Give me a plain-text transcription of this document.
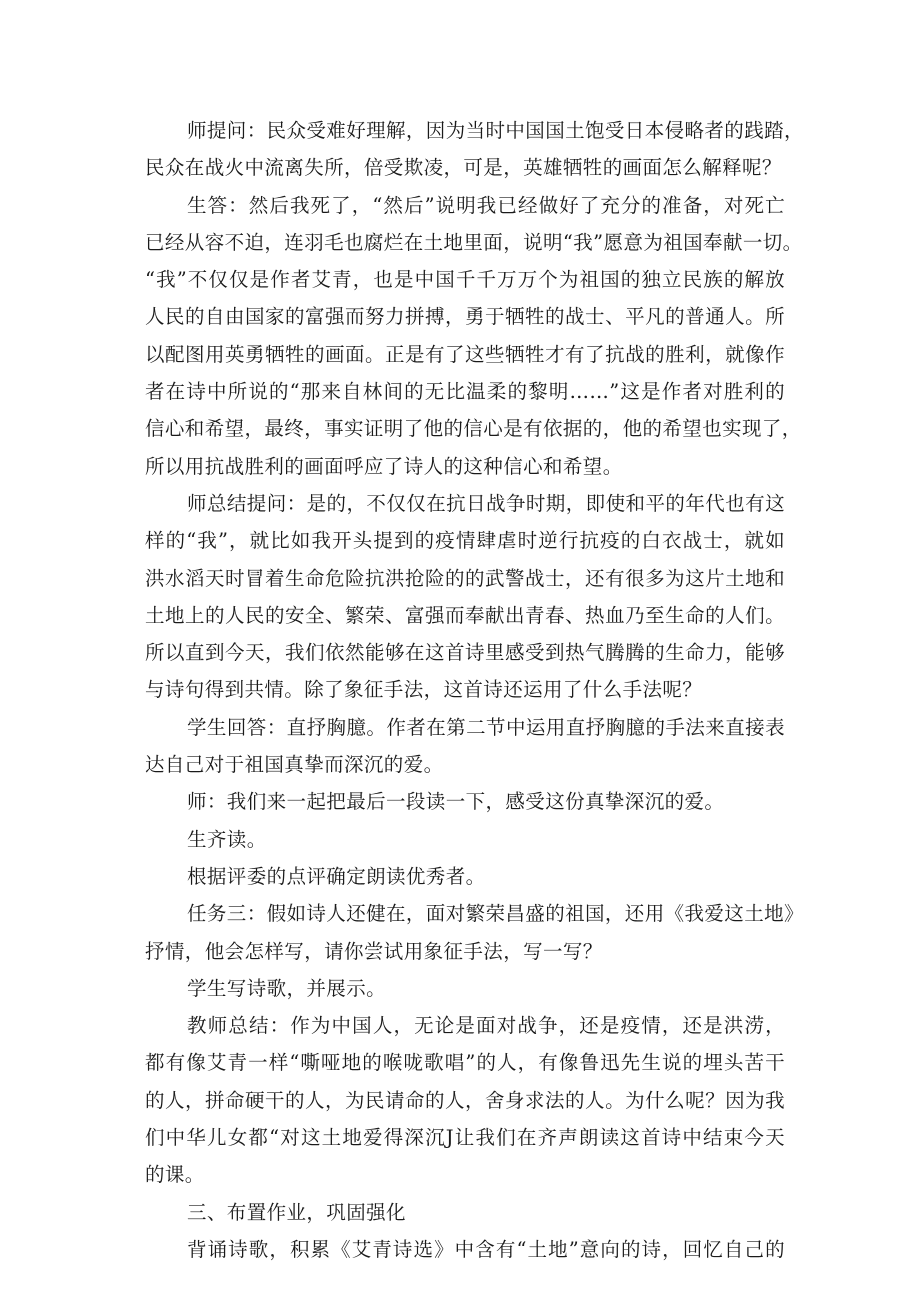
师提问：民众受难好理解，因为当时中国国土饱受日本侵略者的践踏，
民众在战火中流离失所，倍受欺凌，可是，英雄牺牲的画面怎么解释呢？
生答：然后我死了，“然后”说明我已经做好了充分的准备，对死亡
已经从容不迫，连羽毛也腐烂在土地里面，说明“我”愿意为祖国奉献一切。
“我”不仅仅是作者艾青，也是中国千千万万个为祖国的独立民族的解放
人民的自由国家的富强而努力拼搏，勇于牺牲的战士、平凡的普通人。所
以配图用英勇牺牲的画面。正是有了这些牺牲才有了抗战的胜利，就像作
者在诗中所说的“那来自林间的无比温柔的黎明……”这是作者对胜利的
信心和希望，最终，事实证明了他的信心是有依据的，他的希望也实现了，
所以用抗战胜利的画面呼应了诗人的这种信心和希望。
师总结提问：是的，不仅仅在抗日战争时期，即使和平的年代也有这
样的“我”，就比如我开头提到的疫情肆虐时逆行抗疫的白衣战士，就如
洪水滔天时冒着生命危险抗洪抢险的的武警战士，还有很多为这片土地和
土地上的人民的安全、繁荣、富强而奉献出青春、热血乃至生命的人们。
所以直到今天，我们依然能够在这首诗里感受到热气腾腾的生命力，能够
与诗句得到共情。除了象征手法，这首诗还运用了什么手法呢？
学生回答：直抒胸臆。作者在第二节中运用直抒胸臆的手法来直接表
达自己对于祖国真挚而深沉的爱。
师：我们来一起把最后一段读一下，感受这份真挚深沉的爱。
生齐读。
根据评委的点评确定朗读优秀者。
任务三：假如诗人还健在，面对繁荣昌盛的祖国，还用《我爱这土地》
抒情，他会怎样写，请你尝试用象征手法，写一写？
学生写诗歌，并展示。
教师总结：作为中国人，无论是面对战争，还是疫情，还是洪涝，
都有像艾青一样“嘶哑地的喉咙歌唱”的人，有像鲁迅先生说的埋头苦干
的人，拼命硬干的人，为民请命的人，舍身求法的人。为什么呢？因为我
们中华儿女都“对这土地爱得深沉J让我们在齐声朗读这首诗中结束今天
的课。
三、布置作业，巩固强化
背诵诗歌，积累《艾青诗选》中含有“土地”意向的诗，回忆自己的
